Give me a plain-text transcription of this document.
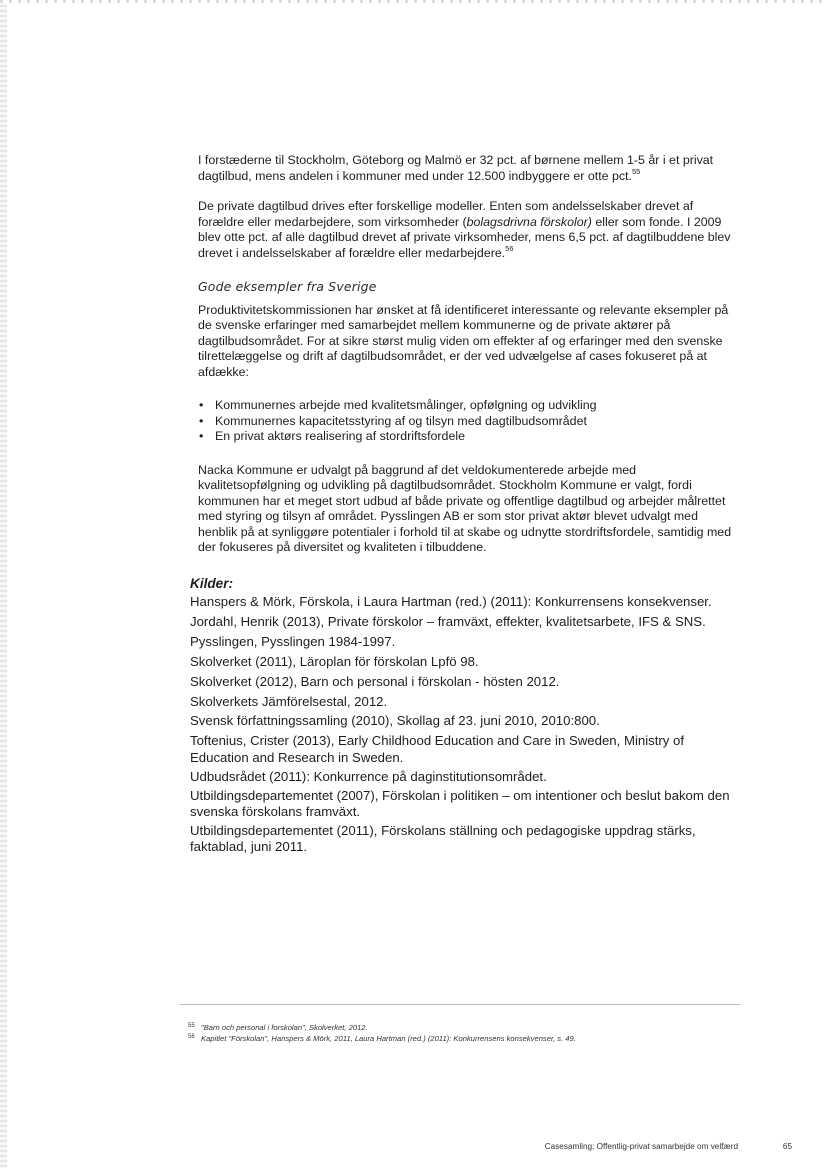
I forstæderne til Stockholm, Göteborg og Malmö er 32 pct. af børnene mellem 1-5 år i et privat dagtilbud, mens andelen i kommuner med under 12.500 indbyggere er otte pct.$^{55}$

De private dagtilbud drives efter forskellige modeller. Enten som andelsselskaber drevet af forældre eller medarbejdere, som virksomheder (bolagsdrivna förskolor) eller som fonde. I 2009 blev otte pct. af alle dagtilbud drevet af private virksomheder, mens 6,5 pct. af dagtilbuddene blev drevet i andelsselskaber af forældre eller medarbejdere.$^{56}$

Gode eksempler fra Sverige

Produktivitetskommissionen har ønsket at få identificeret interessante og relevante eksempler på de svenske erfaringer med samarbejdet mellem kommunerne og de private aktører på dagtilbudsområdet. For at sikre størst mulig viden om effekter af og erfaringer med den svenske tilrettelæggelse og drift af dagtilbudsområdet, er der ved udvælgelse af cases fokuseret på at afdække:

• Kommunernes arbejde med kvalitetsmålinger, opfølgning og udvikling
• Kommunernes kapacitetsstyring af og tilsyn med dagtilbudsområdet
• En privat aktørs realisering af stordriftsfordele

Nacka Kommune er udvalgt på baggrund af det veldokumenterede arbejde med kvalitetsopfølgning og udvikling på dagtilbudsområdet. Stockholm Kommune er valgt, fordi kommunen har et meget stort udbud af både private og offentlige dagtilbud og arbejder målrettet med styring og tilsyn af området. Pysslingen AB er som stor privat aktør blevet udvalgt med henblik på at synliggøre potentialer i forhold til at skabe og udnytte stordriftsfordele, samtidig med der fokuseres på diversitet og kvaliteten i tilbuddene.

Kilder:
Hanspers & Mörk, Förskola, i Laura Hartman (red.) (2011): Konkurrensens konsekvenser.
Jordahl, Henrik (2013), Private förskolor – framväxt, effekter, kvalitetsarbete, IFS & SNS.
Pysslingen, Pysslingen 1984-1997.
Skolverket (2011), Läroplan för förskolan Lpfö 98.
Skolverket (2012), Barn och personal i förskolan - hösten 2012.
Skolverkets Jämförelsestal, 2012.
Svensk författningssamling (2010), Skollag af 23. juni 2010, 2010:800.
Toftenius, Crister (2013), Early Childhood Education and Care in Sweden, Ministry of Education and Research in Sweden.
Udbudsrådet (2011): Konkurrence på daginstitutionsområdet.
Utbildingsdepartementet (2007), Förskolan i politiken – om intentioner och beslut bakom den svenska förskolans framväxt.
Utbildingsdepartementet (2011), Förskolans ställning och pedagogiske uppdrag stärks, faktablad, juni 2011.
55 "Barn och personal i forskolan", Skolverket, 2012.
56 Kapitlet "Förskolan", Hanspers & Mörk, 2011, Laura Hartman (red.) (2011): Konkurrensens konsekvenser, s. 49.
Casesamling: Offentlig-privat samarbejde om velfærd	65
